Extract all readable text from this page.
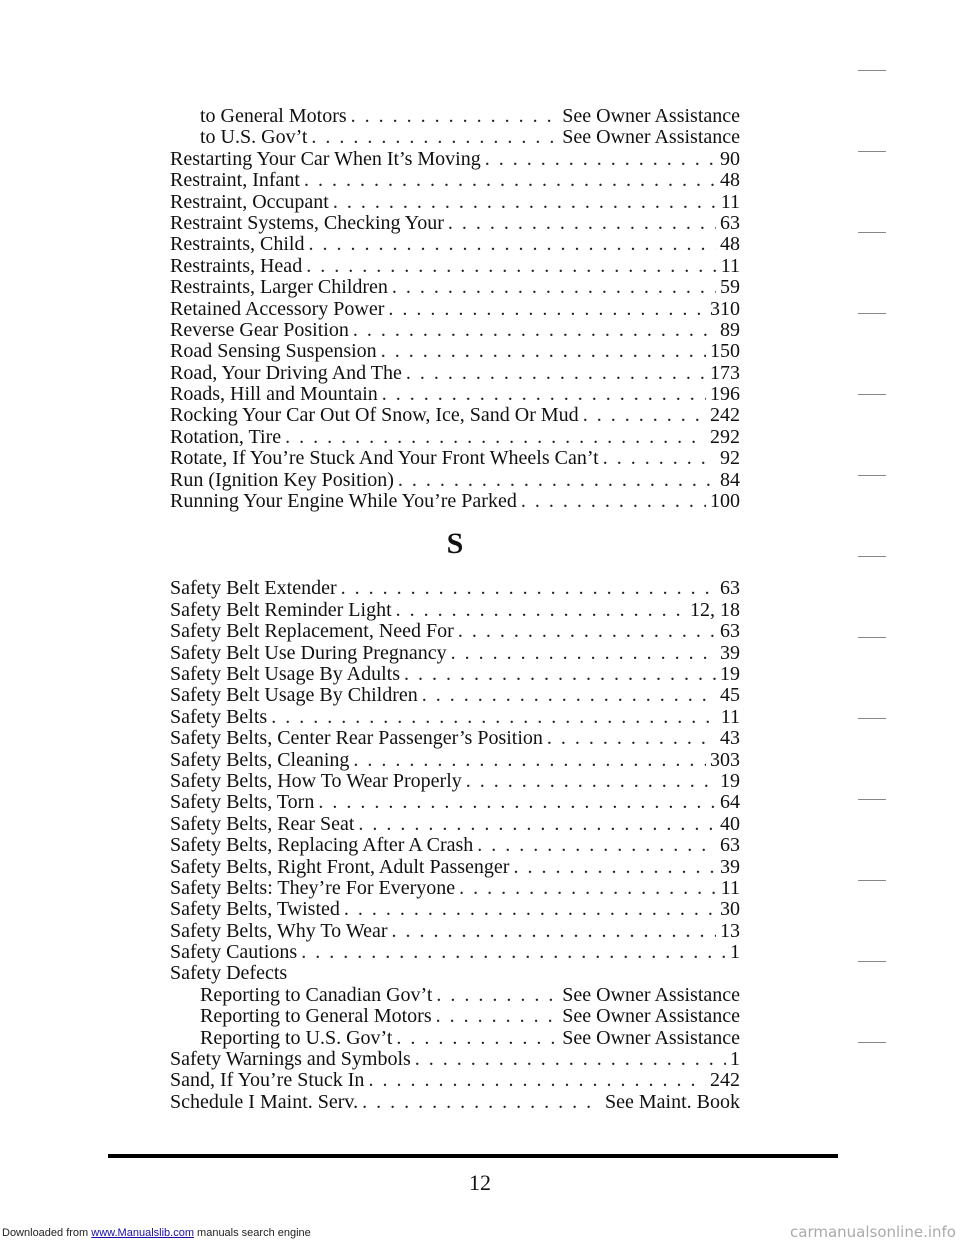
to General Motors . . .	See Owner Assistance
to U.S. Gov’t . . .	See Owner Assistance
Restarting Your Car When It’s Moving . . .	90
Restraint, Infant . . .	48
Restraint, Occupant . . .	11
Restraint Systems, Checking Your . . .	63
Restraints, Child . . .	48
Restraints, Head . . .	11
Restraints, Larger Children . . .	59
Retained Accessory Power . . .	310
Reverse Gear Position . . .	89
Road Sensing Suspension . . .	150
Road, Your Driving And The . . .	173
Roads, Hill and Mountain . . .	196
Rocking Your Car Out Of Snow, Ice, Sand Or Mud . . .	242
Rotation, Tire . . .	292
Rotate, If You’re Stuck And Your Front Wheels Can’t . . .	92
Run (Ignition Key Position) . . .	84
Running Your Engine While You’re Parked . . .	100
S
Safety Belt Extender . . .	63
Safety Belt Reminder Light . . .	12, 18
Safety Belt Replacement, Need For . . .	63
Safety Belt Use During Pregnancy . . .	39
Safety Belt Usage By Adults . . .	19
Safety Belt Usage By Children . . .	45
Safety Belts . . .	11
Safety Belts, Center Rear Passenger’s Position . . .	43
Safety Belts, Cleaning . . .	303
Safety Belts, How To Wear Properly . . .	19
Safety Belts, Torn . . .	64
Safety Belts, Rear Seat . . .	40
Safety Belts, Replacing After A Crash . . .	63
Safety Belts, Right Front, Adult Passenger . . .	39
Safety Belts: They’re For Everyone . . .	11
Safety Belts, Twisted . . .	30
Safety Belts, Why To Wear . . .	13
Safety Cautions . . .	1
Safety Defects
Reporting to Canadian Gov’t . . .	See Owner Assistance
Reporting to General Motors . . .	See Owner Assistance
Reporting to U.S. Gov’t . . .	See Owner Assistance
Safety Warnings and Symbols . . .	1
Sand, If You’re Stuck In . . .	242
Schedule I Maint. Serv. . . .	See Maint. Book
12
Downloaded from www.Manualslib.com manuals search engine	carmanualsonline.info
